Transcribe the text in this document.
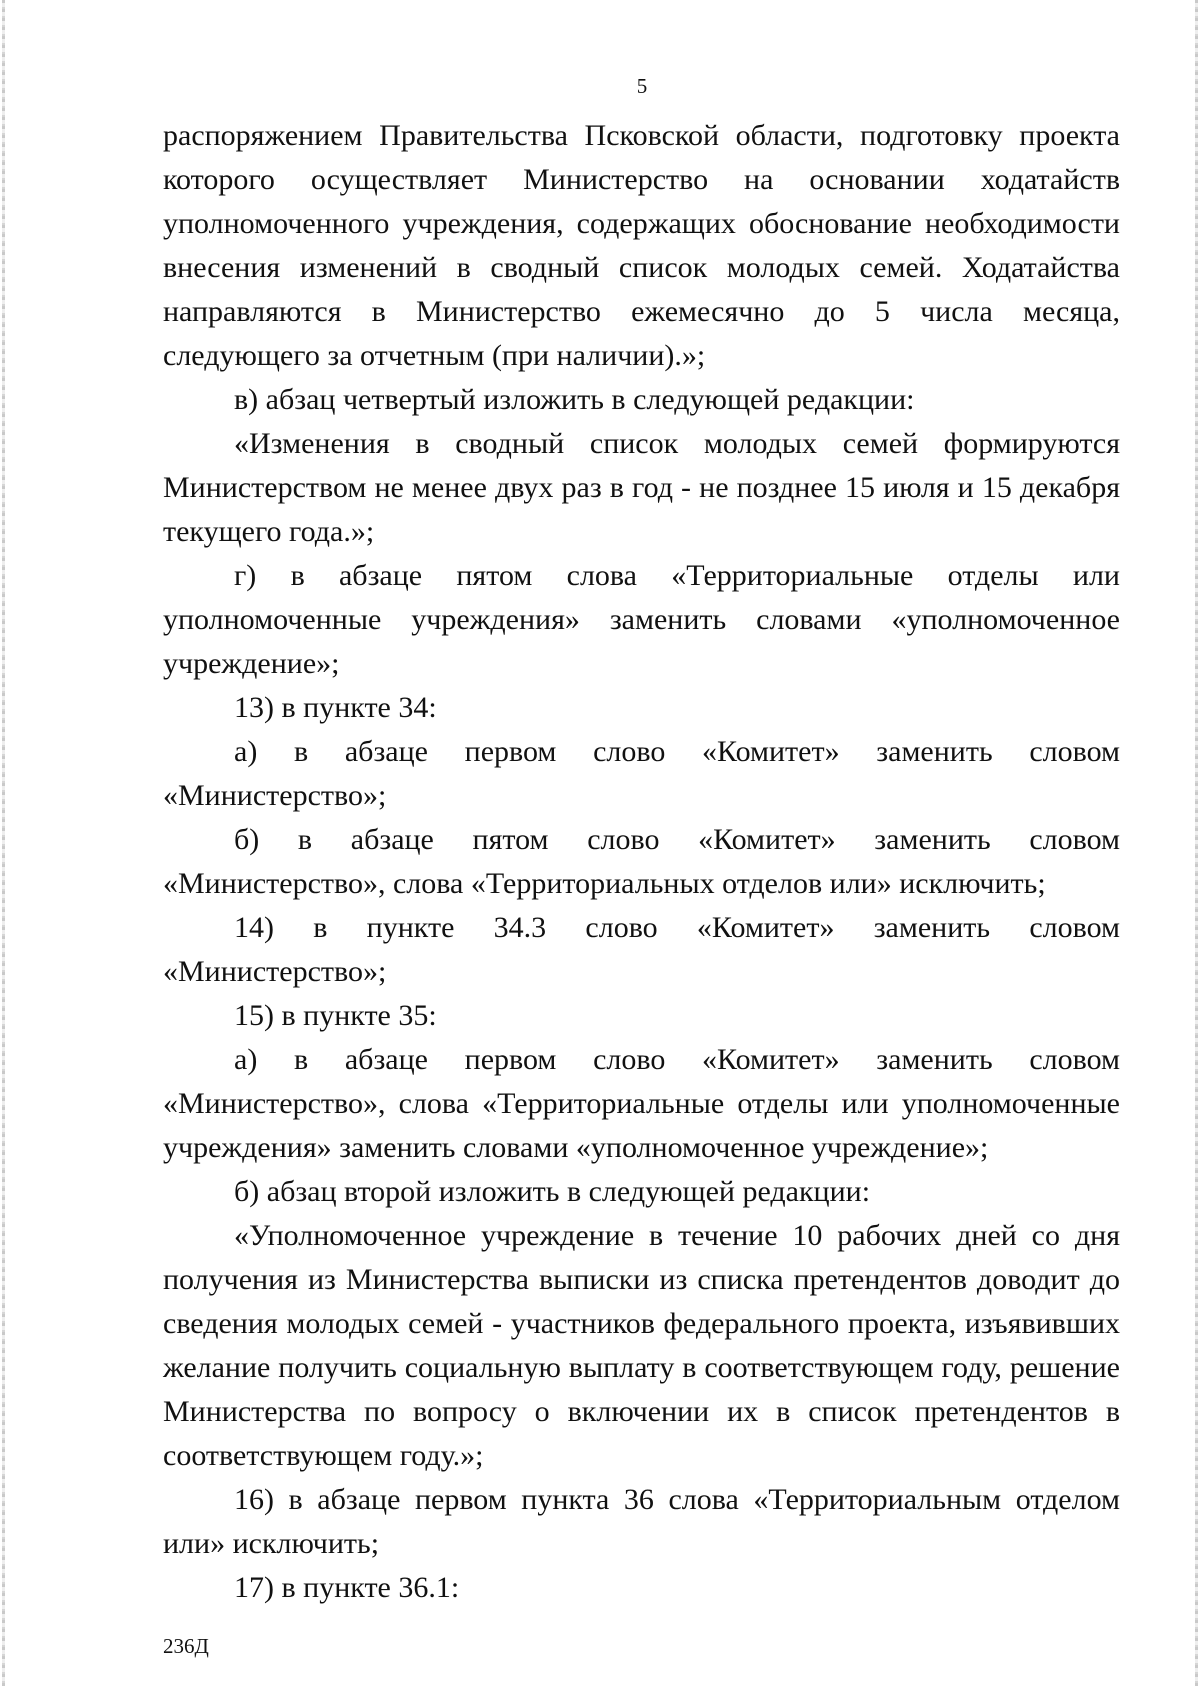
5

распоряжением Правительства Псковской области, подготовку проекта которого осуществляет Министерство на основании ходатайств уполномоченного учреждения, содержащих обоснование необходимости внесения изменений в сводный список молодых семей. Ходатайства направляются в Министерство ежемесячно до 5 числа месяца, следующего за отчетным (при наличии).»;

в) абзац четвертый изложить в следующей редакции:

«Изменения в сводный список молодых семей формируются Министерством не менее двух раз в год - не позднее 15 июля и 15 декабря текущего года.»;

г) в абзаце пятом слова «Территориальные отделы или уполномоченные учреждения» заменить словами «уполномоченное учреждение»;

13) в пункте 34:

а) в абзаце первом слово «Комитет» заменить словом «Министерство»;

б) в абзаце пятом слово «Комитет» заменить словом «Министерство», слова «Территориальных отделов или» исключить;

14) в пункте 34.3 слово «Комитет» заменить словом «Министерство»;

15) в пункте 35:

а) в абзаце первом слово «Комитет» заменить словом «Министерство», слова «Территориальные отделы или уполномоченные учреждения» заменить словами «уполномоченное учреждение»;

б) абзац второй изложить в следующей редакции:

«Уполномоченное учреждение в течение 10 рабочих дней со дня получения из Министерства выписки из списка претендентов доводит до сведения молодых семей - участников федерального проекта, изъявивших желание получить социальную выплату в соответствующем году, решение Министерства по вопросу о включении их в список претендентов в соответствующем году.»;

16) в абзаце первом пункта 36 слова «Территориальным отделом или» исключить;

17) в пункте 36.1:

236Д
